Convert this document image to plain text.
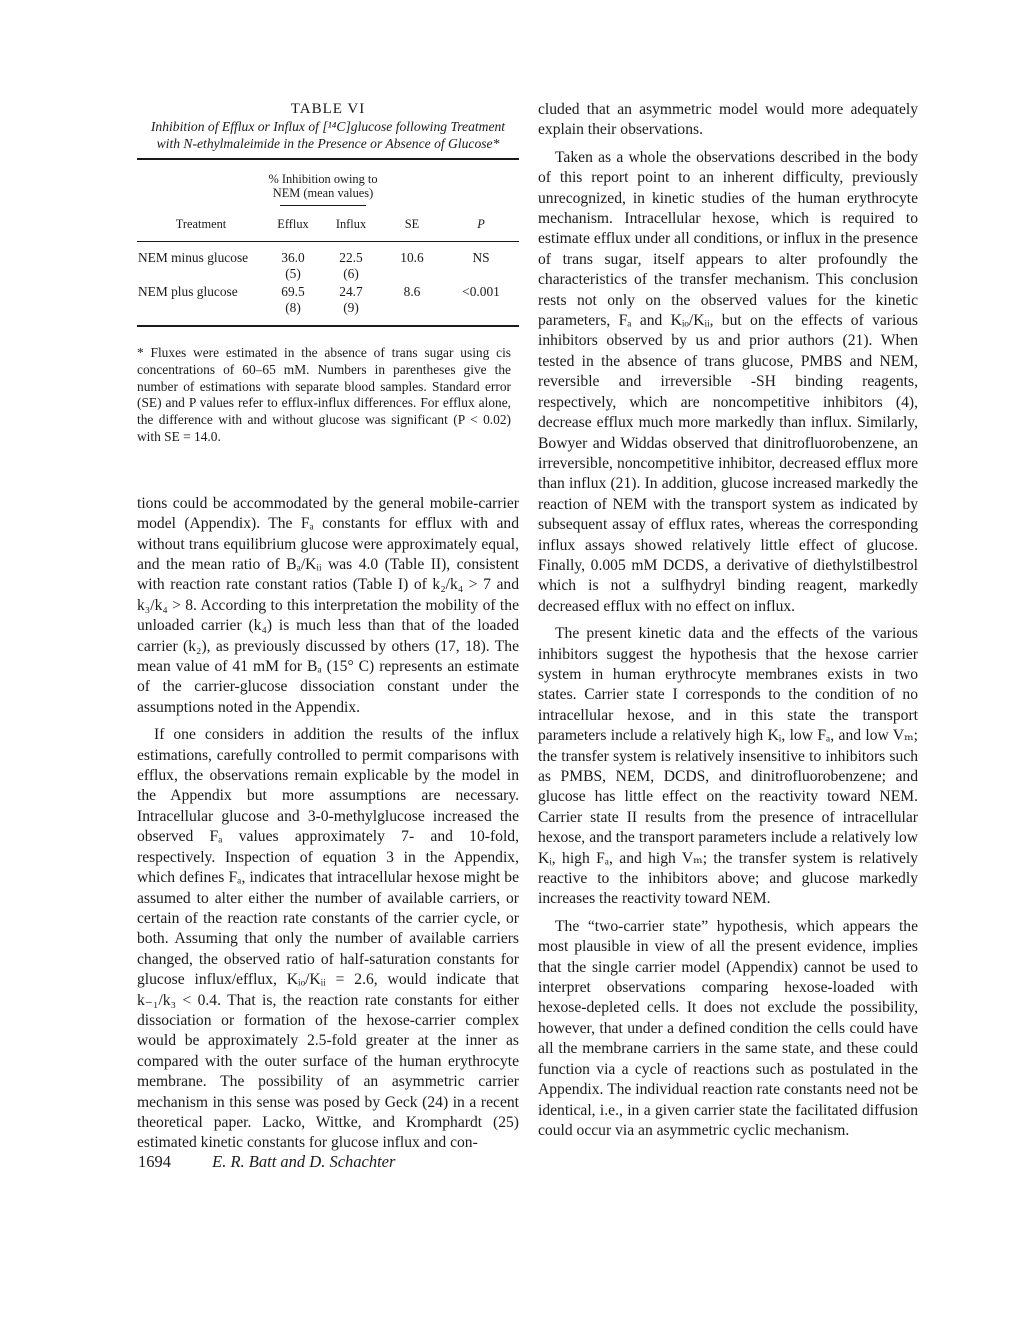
TABLE VI
Inhibition of Efflux or Influx of [¹⁴C]glucose following Treatment with N-ethylmaleimide in the Presence or Absence of Glucose*
	% Inhibition owing to NEM (mean values)	

Treatment	Efflux	Influx	SE	P
NEM minus glucose	36.0	22.5	10.6	NS
	(5)	(6)		
NEM plus glucose	69.5	24.7	8.6	<0.001
	(8)	(9)		
* Fluxes were estimated in the absence of trans sugar using cis concentrations of 60–65 mM. Numbers in parentheses give the number of estimations with separate blood samples. Standard error (SE) and P values refer to efflux-influx differences. For efflux alone, the difference with and without glucose was significant (P < 0.02) with SE = 14.0.

tions could be accommodated by the general mobile-carrier model (Appendix). The Fₐ constants for efflux with and without trans equilibrium glucose were approximately equal, and the mean ratio of Bₐ/Kᵢᵢ was 4.0 (Table II), consistent with reaction rate constant ratios (Table I) of k₂/k₄ > 7 and k₃/k₄ > 8. According to this interpretation the mobility of the unloaded carrier (k₄) is much less than that of the loaded carrier (k₂), as previously discussed by others (17, 18). The mean value of 41 mM for Bₐ (15° C) represents an estimate of the carrier-glucose dissociation constant under the assumptions noted in the Appendix.

If one considers in addition the results of the influx estimations, carefully controlled to permit comparisons with efflux, the observations remain explicable by the model in the Appendix but more assumptions are necessary. Intracellular glucose and 3-0-methylglucose increased the observed Fₐ values approximately 7- and 10-fold, respectively. Inspection of equation 3 in the Appendix, which defines Fₐ, indicates that intracellular hexose might be assumed to alter either the number of available carriers, or certain of the reaction rate constants of the carrier cycle, or both. Assuming that only the number of available carriers changed, the observed ratio of half-saturation constants for glucose influx/efflux, Kᵢₒ/Kᵢᵢ = 2.6, would indicate that k₋₁/k₃ < 0.4. That is, the reaction rate constants for either dissociation or formation of the hexose-carrier complex would be approximately 2.5-fold greater at the inner as compared with the outer surface of the human erythrocyte membrane. The possibility of an asymmetric carrier mechanism in this sense was posed by Geck (24) in a recent theoretical paper. Lacko, Wittke, and Kromphardt (25) estimated kinetic constants for glucose influx and con-

cluded that an asymmetric model would more adequately explain their observations.

Taken as a whole the observations described in the body of this report point to an inherent difficulty, previously unrecognized, in kinetic studies of the human erythrocyte mechanism. Intracellular hexose, which is required to estimate efflux under all conditions, or influx in the presence of trans sugar, itself appears to alter profoundly the characteristics of the transfer mechanism. This conclusion rests not only on the observed values for the kinetic parameters, Fₐ and Kᵢₒ/Kᵢᵢ, but on the effects of various inhibitors observed by us and prior authors (21). When tested in the absence of trans glucose, PMBS and NEM, reversible and irreversible -SH binding reagents, respectively, which are noncompetitive inhibitors (4), decrease efflux much more markedly than influx. Similarly, Bowyer and Widdas observed that dinitrofluorobenzene, an irreversible, noncompetitive inhibitor, decreased efflux more than influx (21). In addition, glucose increased markedly the reaction of NEM with the transport system as indicated by subsequent assay of efflux rates, whereas the corresponding influx assays showed relatively little effect of glucose. Finally, 0.005 mM DCDS, a derivative of diethylstilbestrol which is not a sulfhydryl binding reagent, markedly decreased efflux with no effect on influx.

The present kinetic data and the effects of the various inhibitors suggest the hypothesis that the hexose carrier system in human erythrocyte membranes exists in two states. Carrier state I corresponds to the condition of no intracellular hexose, and in this state the transport parameters include a relatively high Kᵢ, low Fₐ, and low Vₘ; the transfer system is relatively insensitive to inhibitors such as PMBS, NEM, DCDS, and dinitrofluorobenzene; and glucose has little effect on the reactivity toward NEM. Carrier state II results from the presence of intracellular hexose, and the transport parameters include a relatively low Kᵢ, high Fₐ, and high Vₘ; the transfer system is relatively reactive to the inhibitors above; and glucose markedly increases the reactivity toward NEM.

The “two-carrier state” hypothesis, which appears the most plausible in view of all the present evidence, implies that the single carrier model (Appendix) cannot be used to interpret observations comparing hexose-loaded with hexose-depleted cells. It does not exclude the possibility, however, that under a defined condition the cells could have all the membrane carriers in the same state, and these could function via a cycle of reactions such as postulated in the Appendix. The individual reaction rate constants need not be identical, i.e., in a given carrier state the facilitated diffusion could occur via an asymmetric cyclic mechanism.

1694 E. R. Batt and D. Schachter
